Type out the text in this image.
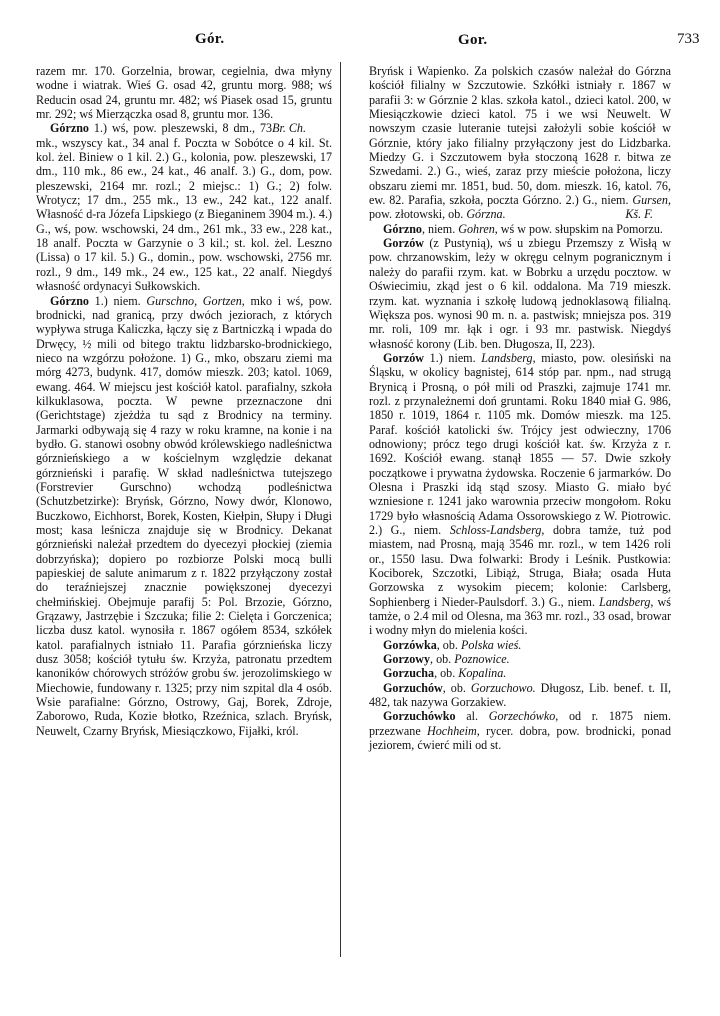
Gór.	Gor.	733

razem mr. 170. Gorzelnia, browar, cegielnia, dwa młyny wodne i wiatrak. Wieś G. osad 42, gruntu morg. 988; wś Reducin osad 24, gruntu mr. 482; wś Piasek osad 15, gruntu mr. 292; wś Mierzączka osad 8, gruntu mor. 136.
Br. Ch.

Górzno 1.) wś, pow. pleszewski, 8 dm., 73 mk., wszyscy kat., 34 anal f. Poczta w Sobótce o 4 kil. St. kol. żel. Biniew o 1 kil. 2.) G., kolonia, pow. pleszewski, 17 dm., 110 mk., 86 ew., 24 kat., 46 analf. 3.) G., dom, pow. pleszewski, 2164 mr. rozl.; 2 miejsc.: 1) G.; 2) folw. Wrotycz; 17 dm., 255 mk., 13 ew., 242 kat., 122 analf. Własność d-ra Józefa Lipskiego (z Bieganinem 3904 m.). 4.) G., wś, pow. wschowski, 24 dm., 261 mk., 33 ew., 228 kat., 18 analf. Poczta w Garzynie o 3 kil.; st. kol. żel. Leszno (Lissa) o 17 kil. 5.) G., domin., pow. wschowski, 2756 mr. rozl., 9 dm., 149 mk., 24 ew., 125 kat., 22 analf. Niegdyś własność ordynacyi Sułkowskich.

Górzno 1.) niem. Gurschno, Gortzen, mko i wś, pow. brodnicki, nad granicą, przy dwóch jeziorach, z których wypływa struga Kaliczka, łączy się z Bartniczką i wpada do Drwęcy, ½ mili od bitego traktu lidzbarsko-brodnickiego, nieco na wzgórzu położone. 1) G., mko, obszaru ziemi ma mórg 4273, budynk. 417, domów mieszk. 203; katol. 1069, ewang. 464. W miejscu jest kościół katol. parafialny, szkoła kilkuklasowa, poczta. W pewne przeznaczone dni (Gerichtstage) zjeżdża tu sąd z Brodnicy na terminy. Jarmarki odbywają się 4 razy w roku kramne, na konie i na bydło. G. stanowi osobny obwód królewskiego nadleśnictwa górznieńskiego a w kościelnym względzie dekanat górznieński i parafię. W skład nadleśnictwa tutejszego (Forstrevier Gurschno) wchodzą podleśnictwa (Schutzbetzirke): Bryńsk, Górzno, Nowy dwór, Klonowo, Buczkowo, Eichhorst, Borek, Kosten, Kiełpin, Słupy i Długi most; kasa leśnicza znajduje się w Brodnicy. Dekanat górznieński należał przedtem do dyecezyi płockiej (ziemia dobrzyńska); dopiero po rozbiorze Polski mocą bulli papieskiej de salute animarum z r. 1822 przyłączony został do teraźniejszej znacznie powiększonej dyecezyi chełmińskiej. Obejmuje parafij 5: Pol. Brzozie, Górzno, Grązawy, Jastrzębie i Szczuka; filie 2: Cielęta i Gorczenica; liczba dusz katol. wynosiła r. 1867 ogółem 8534, szkółek katol. parafialnych istniało 11. Parafia górznieńska liczy dusz 3058; kościół tytułu św. Krzyża, patronatu przedtem kanoników chórowych stróżów grobu św. jerozolimskiego w Miechowie, fundowany r. 1325; przy nim szpital dla 4 osób. Wsie parafialne: Górzno, Ostrowy, Gaj, Borek, Zdroje, Zaborowo, Ruda, Kozie błotko, Rzeźnica, szlach. Bryńsk, Neuwelt, Czarny Bryńsk, Miesiączkowo, Fijałki, król.

Bryńsk i Wapienko. Za polskich czasów należał do Górzna kościół filialny w Szczutowie. Szkółki istniały r. 1867 w parafii 3: w Górznie 2 klas. szkoła katol., dzieci katol. 200, w Miesiączkowie dzieci katol. 75 i we wsi Neuwelt. W nowszym czasie luteranie tutejsi założyli sobie kościół w Górznie, który jako filialny przyłączony jest do Lidzbarka. Miedzy G. i Szczutowem była stoczoną 1628 r. bitwa ze Szwedami. 2.) G., wieś, zaraz przy mieście położona, liczy obszaru ziemi mr. 1851, bud. 50, dom. mieszk. 16, katol. 76, ew. 82. Parafia, szkoła, poczta Górzno. 2.) G., niem. Gursen, pow. złotowski, ob. Górzna.	Kš. F.

Górzno, niem. Gohren, wś w pow. słupskim na Pomorzu.

Gorzów (z Pustynią), wś u zbiegu Przemszy z Wisłą w pow. chrzanowskim, leży w okręgu celnym pogranicznym i należy do parafii rzym. kat. w Bobrku a urzędu pocztow. w Oświecimiu, zkąd jest o 6 kil. oddalona. Ma 719 mieszk. rzym. kat. wyznania i szkołę ludową jednoklasową filialną. Większa pos. wynosi 90 m. n. a. pastwisk; mniejsza pos. 319 mr. roli, 109 mr. łąk i ogr. i 93 mr. pastwisk. Niegdyś własność korony (Lib. ben. Długosza, II, 223).

Gorzów 1.) niem. Landsberg, miasto, pow. olesiński na Śląsku, w okolicy bagnistej, 614 stóp par. npm., nad strugą Brynicą i Prosną, o pół mili od Praszki, zajmuje 1741 mr. rozl. z przynależnemi doń gruntami. Roku 1840 miał G. 986, 1850 r. 1019, 1864 r. 1105 mk. Domów mieszk. ma 125. Paraf. kościół katolicki św. Trójcy jest odwieczny, 1706 odnowiony; prócz tego drugi kościół kat. św. Krzyża z r. 1692. Kościół ewang. stanął 1855 — 57. Dwie szkoły początkowe i prywatna żydowska. Roczenie 6 jarmarków. Do Olesna i Praszki idą stąd szosy. Miasto G. miało być wzniesione r. 1241 jako warownia przeciw mongołom. Roku 1729 było własnością Adama Ossorowskiego z W. Piotrowic. 2.) G., niem. Schloss-Landsberg, dobra tamże, tuż pod miastem, nad Prosną, mają 3546 mr. rozl., w tem 1426 roli or., 1550 lasu. Dwa folwarki: Brody i Leśnik. Pustkowia: Kociborek, Szczotki, Libiąż, Struga, Biała; osada Huta Gorzowska z wysokim piecem; kolonie: Carlsberg, Sophienberg i Nieder-Paulsdorf. 3.) G., niem. Landsberg, wś tamże, o 2.4 mil od Olesna, ma 363 mr. rozl., 33 osad, browar i wodny młyn do mielenia kości.

Gorzówka, ob. Polska wieś.

Gorzowy, ob. Poznowice.

Gorzucha, ob. Kopalina.

Gorzuchów, ob. Gorzuchowo. Długosz, Lib. benef. t. II, 482, tak nazywa Gorzakiew.

Gorzuchówko al. Gorzechówko, od r. 1875 niem. przezwane Hochheim, rycer. dobra, pow. brodnicki, ponad jeziorem, ćwierć mili od st.
